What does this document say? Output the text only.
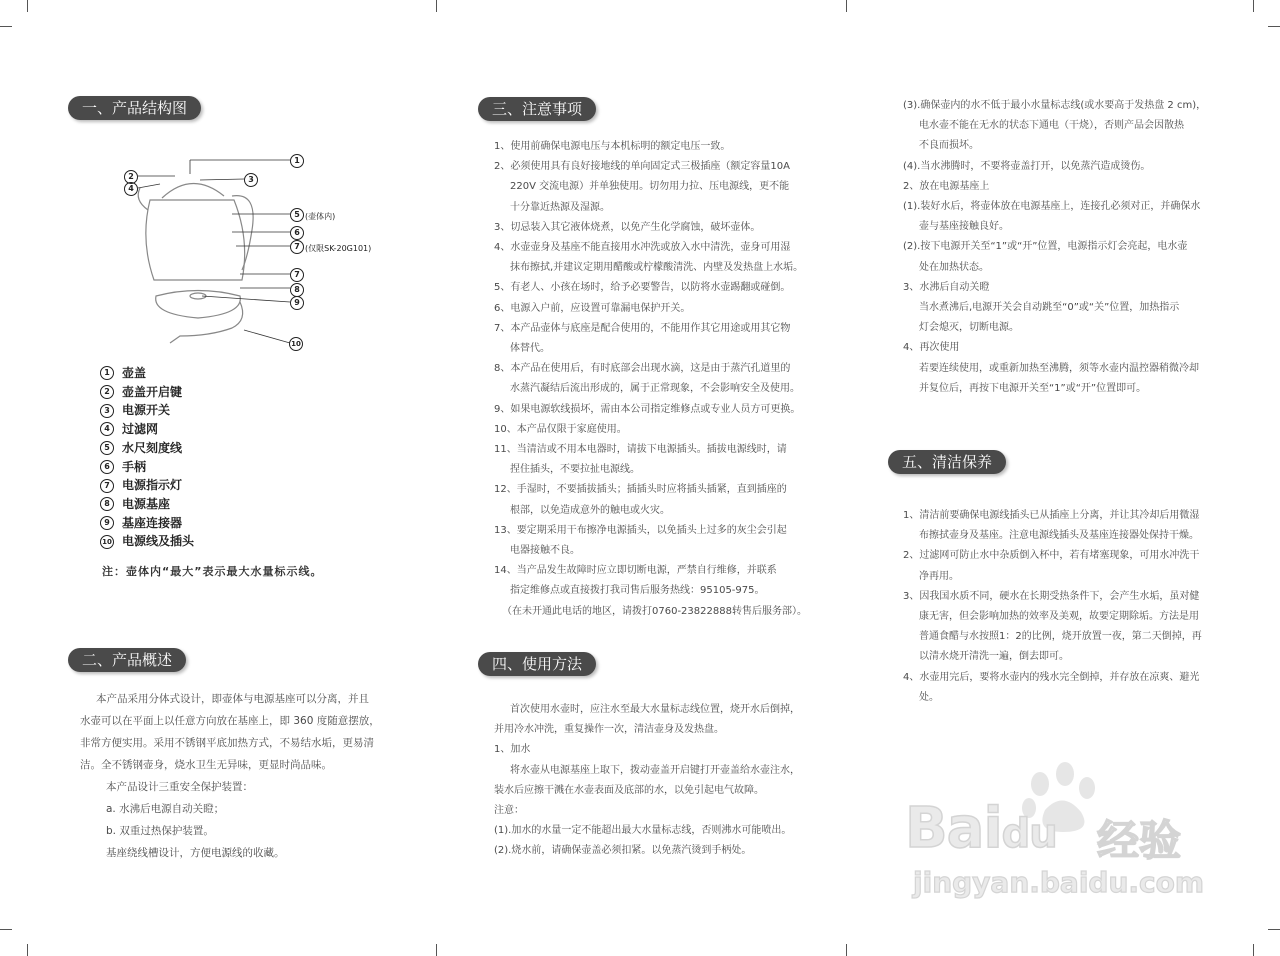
一、产品结构图
二、产品概述
三、注意事项
四、使用方法
五、清洁保养
1
2	3
4
5 (壶体内)
6
7 (仅限SK-20G101)
7
8
9
10
1	壶盖
2	壶盖开启键
3	电源开关
4	过滤网
5	水尺刻度线
6	手柄
7	电源指示灯
8	电源基座
9	基座连接器
10 电源线及插头
注：壶体内“最大”表示最大水量标示线。

本产品采用分体式设计，即壶体与电源基座可以分离，并且

水壶可以在平面上以任意方向放在基座上，即 360 度随意摆放，

非常方便实用。采用不锈钢平底加热方式，不易结水垢，更易清

洁。全不锈钢壶身，烧水卫生无异味，更显时尚品味。

本产品设计三重安全保护装置：

a. 水沸后电源自动关瞪；

b. 双重过热保护装置。

基座绕线槽设计，方便电源线的收藏。

1、使用前确保电源电压与本机标明的额定电压一致。

2、必须使用具有良好接地线的单向固定式三极插座（额定容量10A

220V 交流电源）并单独使用。切勿用力拉、压电源线，更不能

十分靠近热源及湿源。

3、切忌装入其它液体烧煮，以免产生化学腐蚀，破坏壶体。

4、水壶壶身及基座不能直接用水冲洗或放入水中清洗，壶身可用湿

抹布擦拭,并建议定期用醋酸或柠檬酸清洗、内壁及发热盘上水垢。

5、有老人、小孩在场时，给予必要警告，以防将水壶踢翻或碰倒。

6、电源入户前，应设置可靠漏电保护开关。

7、本产品壶体与底座是配合使用的，不能用作其它用途或用其它物

体替代。

8、本产品在使用后，有时底部会出现水滴，这是由于蒸汽孔道里的

水蒸汽凝结后流出形成的，属于正常现象，不会影响安全及使用。

9、如果电源软线损坏，需由本公司指定维修点或专业人员方可更换。

10、本产品仅限于家庭使用。

11、当清洁或不用本电器时，请拔下电源插头。插拔电源线时，请

捏住插头，不要拉扯电源线。

12、手湿时，不要插拔插头；插插头时应将插头插紧，直到插座的

根部，以免造成意外的触电或火灾。

13、要定期采用干布擦净电源插头，以免插头上过多的灰尘会引起

电器接触不良。

14、当产品发生故障时应立即切断电源，严禁自行维修，并联系

指定维修点或直接拨打我司售后服务热线：95105-975。

（在未开通此电话的地区，请拨打0760-23822888转售后服务部）。

首次使用水壶时，应注水至最大水量标志线位置，烧开水后倒掉，

并用冷水冲洗，重复操作一次，清洁壶身及发热盘。

1、加水

将水壶从电源基座上取下，拨动壶盖开启键打开壶盖给水壶注水，

装水后应擦干溅在水壶表面及底部的水，以免引起电气故障。

注意：

(1).加水的水量一定不能超出最大水量标志线，否则沸水可能喷出。

(2).烧水前，请确保壶盖必须扣紧。以免蒸汽烫到手柄处。

(3).确保壶内的水不低于最小水量标志线(或水要高于发热盘 2 cm)，

电水壶不能在无水的状态下通电（干烧），否则产品会因散热

不良而损坏。

(4).当水沸腾时，不要将壶盖打开，以免蒸汽造成烫伤。

2、放在电源基座上

(1).装好水后，将壶体放在电源基座上，连接孔必须对正，并确保水

壶与基座接触良好。

(2).按下电源开关至“1”或“开”位置，电源指示灯会亮起，电水壶

处在加热状态。

3、水沸后自动关瞪

当水煮沸后,电源开关会自动跳至“0”或“关”位置，加热指示

灯会熄灭，切断电源。

4、再次使用

若要连续使用，或重新加热至沸腾，须等水壶内温控器稍微冷却

并复位后，再按下电源开关至“1”或“开”位置即可。

1、清洁前要确保电源线插头已从插座上分离，并让其冷却后用微湿

布擦拭壶身及基座。注意电源线插头及基座连接器处保持干燥。

2、过滤网可防止水中杂质倒入杯中，若有堵塞现象，可用水冲洗干

净再用。

3、因我国水质不同，硬水在长期受热条件下，会产生水垢，虽对健

康无害，但会影响加热的效率及美观，故要定期除垢。方法是用

普通食醋与水按照1：2的比例，烧开放置一夜，第二天倒掉，再

以清水烧开清洗一遍，倒去即可。

4、水壶用完后，要将水壶内的残水完全倒掉，并存放在凉爽、避光

处。

Baidu 经验
jingyan.baidu.com
